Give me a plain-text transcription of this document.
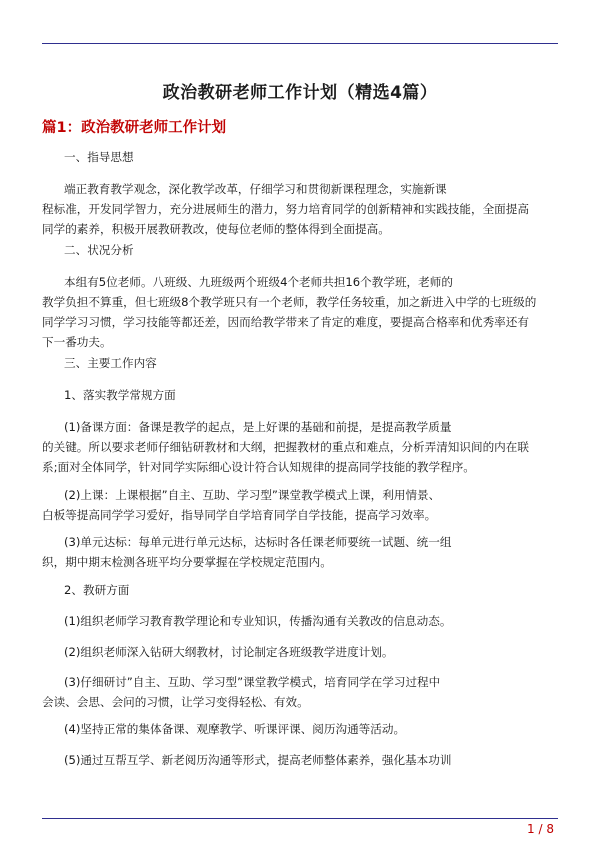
政治教研老师工作计划（精选4篇）
篇1：政治教研老师工作计划

一、指导思想

端正教育教学观念，深化教学改革，仔细学习和贯彻新课程理念，实施新课
程标准，开发同学智力，充分进展师生的潜力，努力培育同学的创新精神和实践技能，全面提高
同学的素养，积极开展教研教改，使每位老师的整体得到全面提高。

二、状况分析

本组有5位老师。八班级、九班级两个班级4个老师共担16个教学班，老师的
教学负担不算重，但七班级8个教学班只有一个老师，教学任务较重，加之新进入中学的七班级的
同学学习习惯，学习技能等都还差，因而给教学带来了肯定的难度，要提高合格率和优秀率还有
下一番功夫。

三、主要工作内容

1、落实教学常规方面

(1)备课方面：备课是教学的起点，是上好课的基础和前提，是提高教学质量
的关键。所以要求老师仔细钻研教材和大纲，把握教材的重点和难点，分析弄清知识间的内在联
系;面对全体同学，针对同学实际细心设计符合认知规律的提高同学技能的教学程序。

(2)上课：上课根据”自主、互助、学习型”课堂教学模式上课，利用情景、
白板等提高同学学习爱好，指导同学自学培育同学自学技能，提高学习效率。

(3)单元达标：每单元进行单元达标，达标时各任课老师要统一试题、统一组
织，期中期末检测各班平均分要掌握在学校规定范围内。

2、教研方面

(1)组织老师学习教育教学理论和专业知识，传播沟通有关教改的信息动态。

(2)组织老师深入钻研大纲教材，讨论制定各班级教学进度计划。

(3)仔细研讨”自主、互助、学习型”课堂教学模式，培育同学在学习过程中
会读、会思、会问的习惯，让学习变得轻松、有效。

(4)坚持正常的集体备课、观摩教学、听课评课、阅历沟通等活动。

(5)通过互帮互学、新老阅历沟通等形式，提高老师整体素养，强化基本功训

1 / 8
